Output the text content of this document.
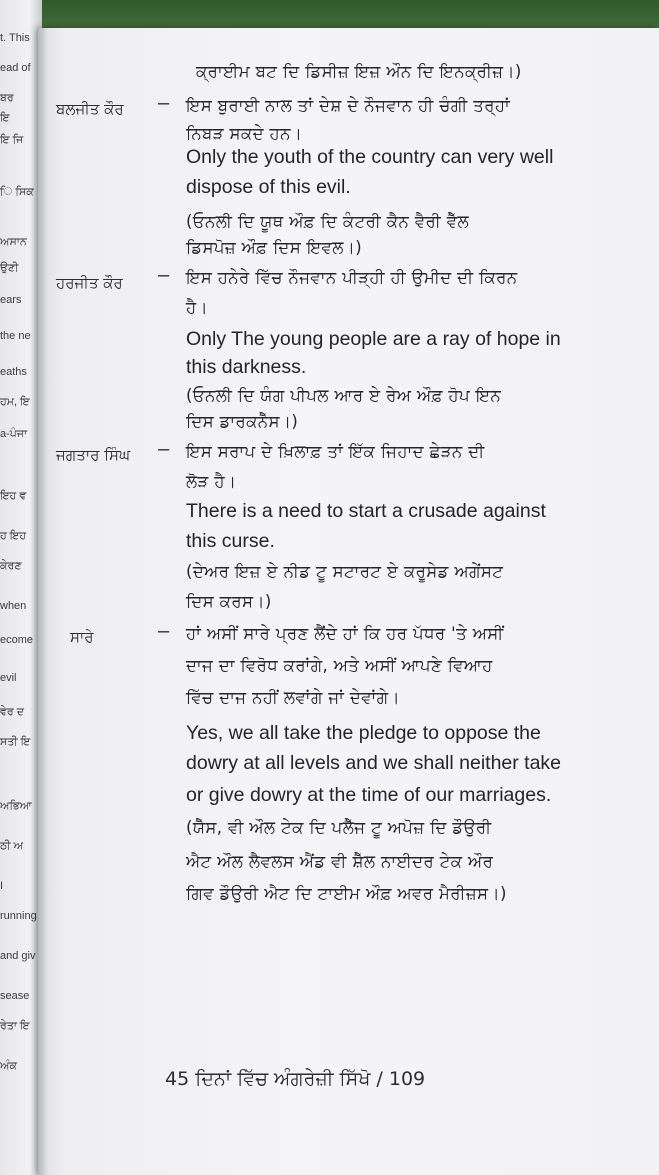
t. This
ead of
ਬਰ
ਇ
ਇ ਜਿ
ਿ ਸਿਕ
ਅਸਾਨ
ਉਣੀ
ears
the ne
eaths
ਹਮ, ਇ
a-ਪੰਜਾ
ਇਹ ਵ
ਹ ਇਹ
ਕੇਰਣ
when
ecome
evil
ਵੇਰ ਦ
ਸਤੀ ਇ
ਅਭਿਆ
ਠੀ ਅ
I
running
and giv
sease
ਰੇਤਾ ਇ
ਅੰਕ
ਕ੍ਰਾਈਮ ਬਟ ਦਿ ਡਿਸੀਜ਼ ਇਜ਼ ਔਨ ਦਿ ਇਨਕ੍ਰੀਜ਼।)
ਬਲਜੀਤ ਕੌਰ – ਇਸ ਬੁਰਾਈ ਨਾਲ ਤਾਂ ਦੇਸ਼ ਦੇ ਨੌਜਵਾਨ ਹੀ ਚੰਗੀ ਤਰ੍ਹਾਂ
ਨਿਬੜ ਸਕਦੇ ਹਨ।
Only the youth of the country can very well
dispose of this evil.
(ਓਨਲੀ ਦਿ ਯੂਥ ਔਫ਼ ਦਿ ਕੰਟਰੀ ਕੈਨ ਵੈਰੀ ਵੈੱਲ
ਡਿਸਪੋਜ਼ ਔਫ਼ ਦਿਸ ਇਵਲ।)
ਹਰਜੀਤ ਕੌਰ – ਇਸ ਹਨੇਰੇ ਵਿੱਚ ਨੌਜਵਾਨ ਪੀੜ੍ਹੀ ਹੀ ਉਮੀਦ ਦੀ ਕਿਰਨ
ਹੈ।
Only The young people are a ray of hope in
this darkness.
(ਓਨਲੀ ਦਿ ਯੰਗ ਪੀਪਲ ਆਰ ਏ ਰੇਅ ਔਫ਼ ਹੋਪ ਇਨ
ਦਿਸ ਡਾਰਕਨੈੱਸ।)
ਜਗਤਾਰ ਸਿੰਘ – ਇਸ ਸਰਾਪ ਦੇ ਖ਼ਿਲਾਫ਼ ਤਾਂ ਇੱਕ ਜਿਹਾਦ ਛੇੜਨ ਦੀ
ਲੋੜ ਹੈ।
There is a need to start a crusade against
this curse.
(ਦੇਅਰ ਇਜ਼ ਏ ਨੀਡ ਟੂ ਸਟਾਰਟ ਏ ਕਰੂਸੇਡ ਅਗੇਂਸਟ
ਦਿਸ ਕਰਸ।)
ਸਾਰੇ	– ਹਾਂ ਅਸੀਂ ਸਾਰੇ ਪ੍ਰਣ ਲੈਂਦੇ ਹਾਂ ਕਿ ਹਰ ਪੱਧਰ 'ਤੇ ਅਸੀਂ
ਦਾਜ ਦਾ ਵਿਰੋਧ ਕਰਾਂਗੇ, ਅਤੇ ਅਸੀਂ ਆਪਣੇ ਵਿਆਹ
ਵਿੱਚ ਦਾਜ ਨਹੀਂ ਲਵਾਂਗੇ ਜਾਂ ਦੇਵਾਂਗੇ।
Yes, we all take the pledge to oppose the
dowry at all levels and we shall neither take
or give dowry at the time of our marriages.
(ਯੈੱਸ, ਵੀ ਔਲ ਟੇਕ ਦਿ ਪਲੈੱਜ ਟੂ ਅਪੋਜ਼ ਦਿ ਡੌਉਰੀ
ਐਟ ਔਲ ਲੈਵਲਸ ਐਂਡ ਵੀ ਸ਼ੈੱਲ ਨਾਈਦਰ ਟੇਕ ਔਰ
ਗਿਵ ਡੌਉਰੀ ਐਟ ਦਿ ਟਾਈਮ ਔਫ਼ ਅਵਰ ਮੈਰੀਜ਼ਸ।)
45 ਦਿਨਾਂ ਵਿੱਚ ਅੰਗਰੇਜ਼ੀ ਸਿੱਖੋ / 109
